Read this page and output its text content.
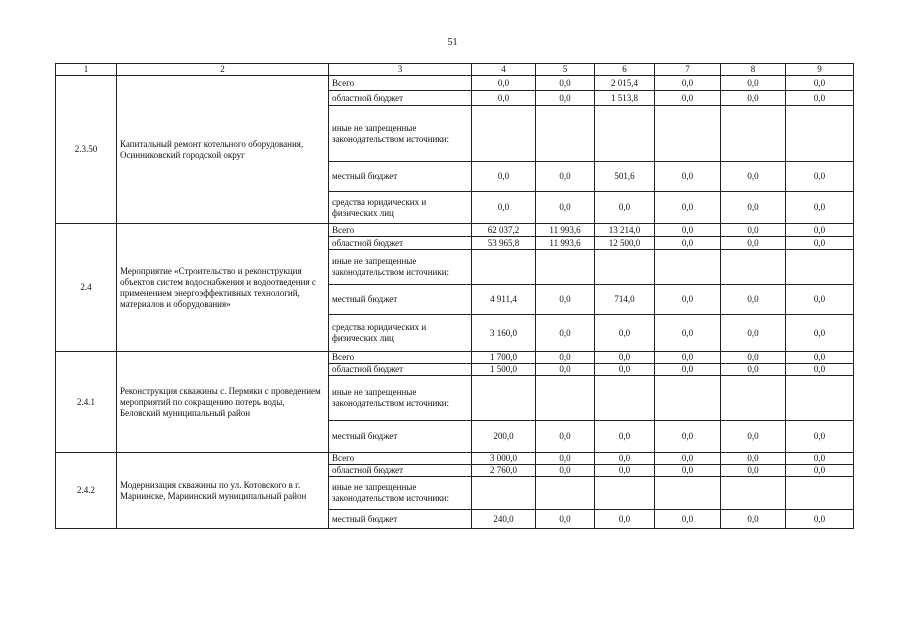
51
1	2	3	4	5	6	7	8	9
2.3.50	Капитальный ремонт котельного оборудования, Осинниковский городской округ	Всего	0,0	0,0	2 015,4	0,0	0,0	0,0
		областной бюджет	0,0	0,0	1 513,8	0,0	0,0	0,0
		иные не запрещенные законодательством источники:						
		местный бюджет	0,0	0,0	501,6	0,0	0,0	0,0
		средства юридических и физических лиц	0,0	0,0	0,0	0,0	0,0	0,0
2.4	Мероприятие «Строительство и реконструкция объектов систем водоснабжения и водоотведения с применением энергоэффективных технологий, материалов и оборудования»	Всего	62 037,2	11 993,6	13 214,0	0,0	0,0	0,0
		областной бюджет	53 965,8	11 993,6	12 500,0	0,0	0,0	0,0
		иные не запрещенные законодательством источники:						
		местный бюджет	4 911,4	0,0	714,0	0,0	0,0	0,0
		средства юридических и физических лиц	3 160,0	0,0	0,0	0,0	0,0	0,0
2.4.1	Реконструкция скважины с. Пермяки с проведением мероприятий по сокращению потерь воды, Беловский муниципальный район	Всего	1 700,0	0,0	0,0	0,0	0,0	0,0
		областной бюджет	1 500,0	0,0	0,0	0,0	0,0	0,0
		иные не запрещенные законодательством источники:						
		местный бюджет	200,0	0,0	0,0	0,0	0,0	0,0
2.4.2	Модернизация скважины по ул. Котовского в г. Мариинске, Мариинский муниципальный район	Всего	3 000,0	0,0	0,0	0,0	0,0	0,0
		областной бюджет	2 760,0	0,0	0,0	0,0	0,0	0,0
		иные не запрещенные законодательством источники:						
		местный бюджет	240,0	0,0	0,0	0,0	0,0	0,0
